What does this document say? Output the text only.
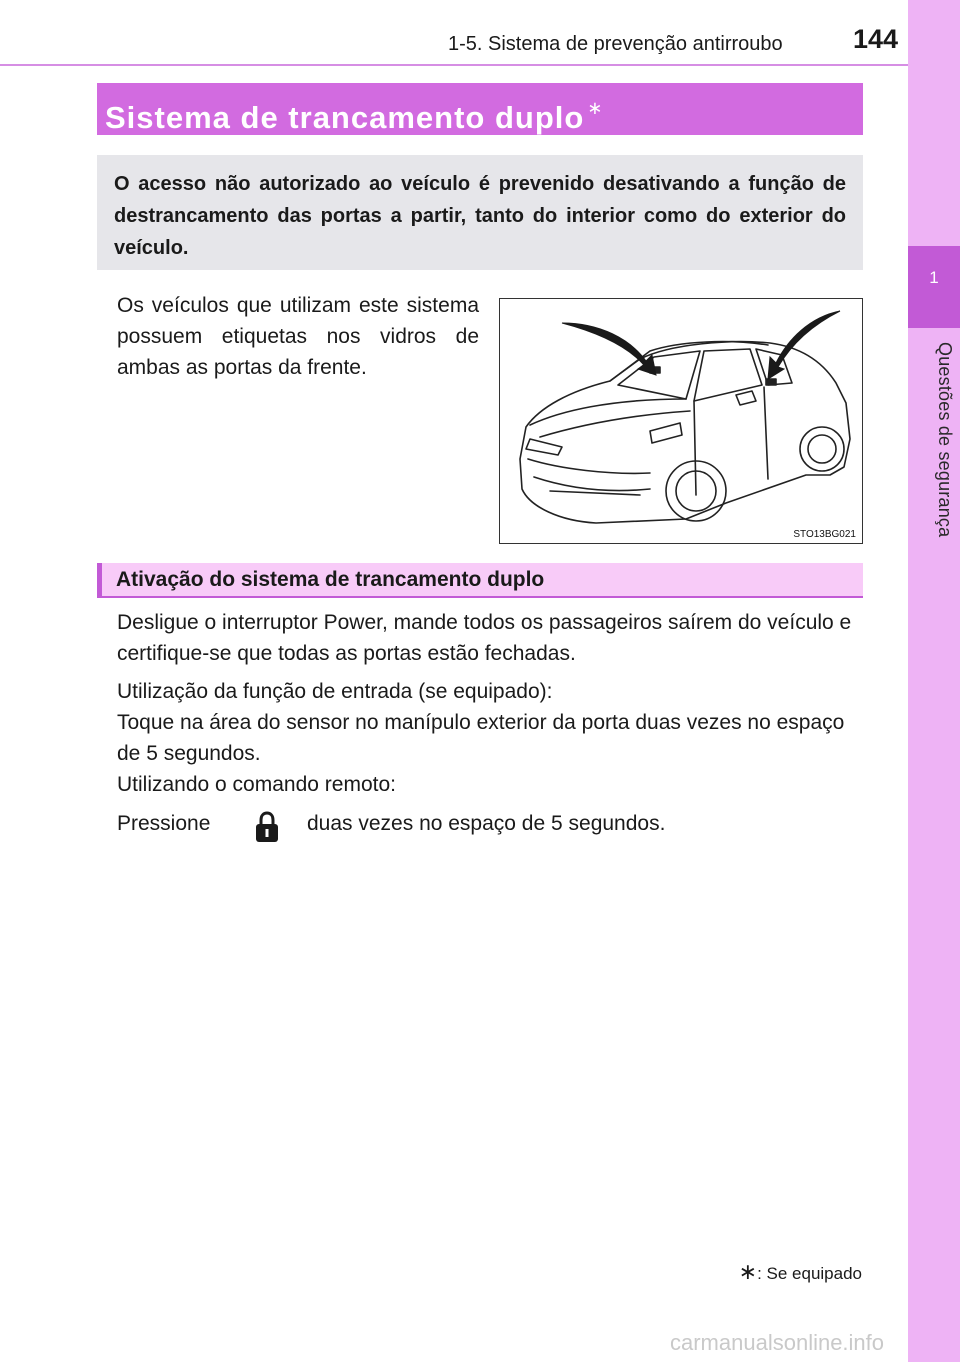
1
Questões de segurança
1-5. Sistema de prevenção antirroubo	144
Sistema de trancamento duplo ∗
O acesso não autorizado ao veículo é prevenido desativando a função de destrancamento das portas a partir, tanto do interior como do exterior do veículo.
Os veículos que utilizam este sistema possuem etiquetas nos vidros de ambas as portas da frente.
STO13BG021
Ativação do sistema de trancamento duplo
Desligue o interruptor Power, mande todos os passageiros saírem do veículo e certifique-se que todas as portas estão fechadas.
Utilização da função de entrada (se equipado):
Toque na área do sensor no manípulo exterior da porta duas vezes no espaço de 5 segundos.
Utilizando o comando remoto:
Pressione	duas vezes no espaço de 5 segundos.
∗: Se equipado
carmanualsonline.info
